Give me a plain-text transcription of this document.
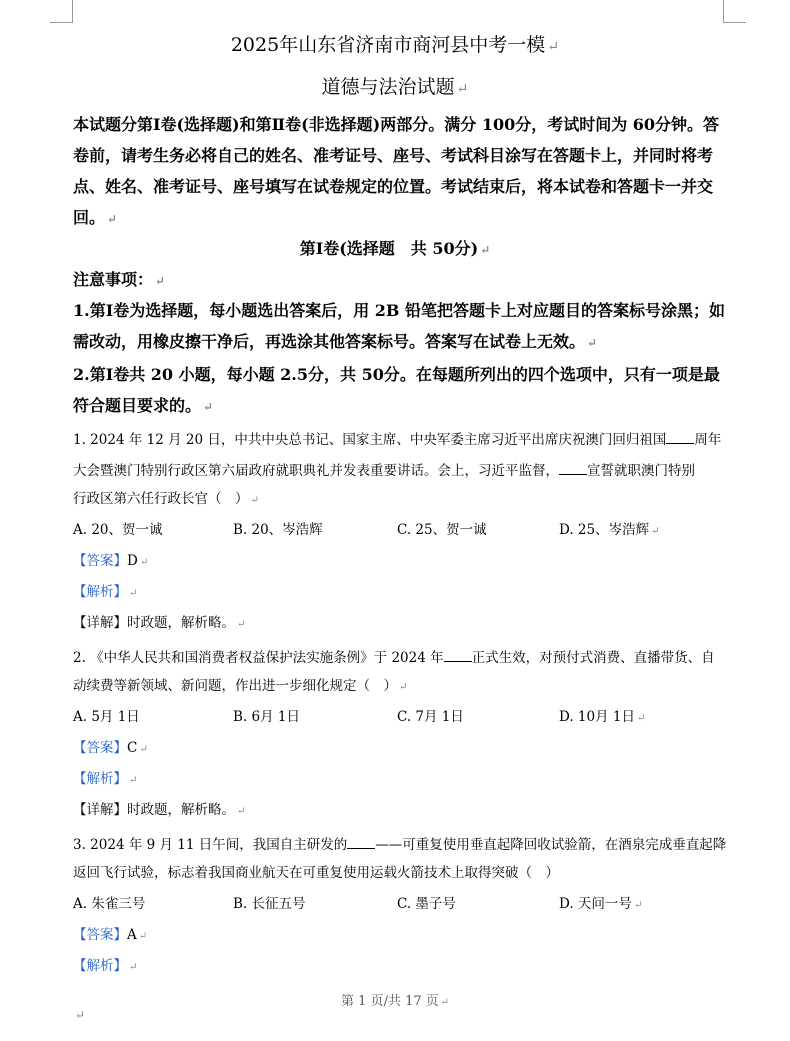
2025年山东省济南市商河县中考一模 ↵
道德与法治试题 ↵
本试题分第Ⅰ卷(选择题)和第Ⅱ卷(非选择题)两部分。满分 100分，考试时间为 60分钟。答
卷前，请考生务必将自己的姓名、准考证号、座号、考试科目涂写在答题卡上，并同时将考
点、姓名、准考证号、座号填写在试卷规定的位置。考试结束后，将本试卷和答题卡一并交
回。 ↵
第Ⅰ卷(选择题　共 50分) ↵
注意事项： ↵
1.第Ⅰ卷为选择题，每小题选出答案后，用 2B 铅笔把答题卡上对应题目的答案标号涂黑；如
需改动，用橡皮擦干净后，再选涂其他答案标号。答案写在试卷上无效。 ↵
2.第Ⅰ卷共 20 小题，每小题 2.5分，共 50分。在每题所列出的四个选项中，只有一项是最
符合题目要求的。 ↵
1. 2024 年 12 月 20 日，中共中央总书记、国家主席、中央军委主席习近平出席庆祝澳门回归祖国 周年
大会暨澳门特别行政区第六届政府就职典礼并发表重要讲话。会上，习近平监督， 宣誓就职澳门特别
行政区第六任行政长官（　） ↵
A. 20、贺一诚	B. 20、岑浩辉	C. 25、贺一诚	D. 25、岑浩辉 ↵
【答案】D ↵
【解析】 ↵
【详解】时政题，解析略。 ↵
2. 《中华人民共和国消费者权益保护法实施条例》于 2024 年 正式生效，对预付式消费、直播带货、自
动续费等新领域、新问题，作出进一步细化规定（　） ↵
A. 5月 1日	B. 6月 1日	C. 7月 1日	D. 10月 1日 ↵
【答案】C ↵
【解析】 ↵
【详解】时政题，解析略。 ↵
3. 2024 年 9 月 11 日午间，我国自主研发的 ——可重复使用垂直起降回收试验箭，在酒泉完成垂直起降
返回飞行试验，标志着我国商业航天在可重复使用运载火箭技术上取得突破（　）
A. 朱雀三号	B. 长征五号	C. 墨子号	D. 天问一号 ↵
【答案】A ↵
【解析】 ↵
第 1 页/共 17 页 ↵
↵
